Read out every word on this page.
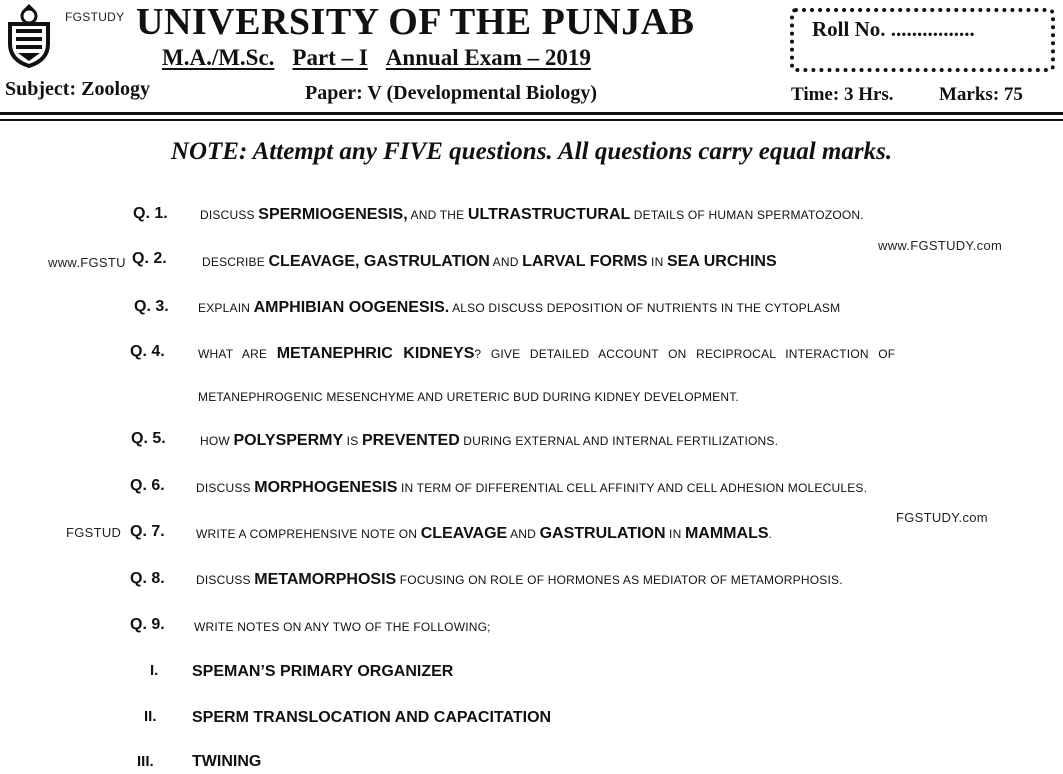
FGSTUDY UNIVERSITY OF THE PUNJAB
M.A./M.Sc. Part – I Annual Exam – 2019
Roll No. ................
Subject: Zoology	Paper: V (Developmental Biology)	Time: 3 Hrs. Marks: 75
NOTE: Attempt any FIVE questions. All questions carry equal marks.
www.FGSTU
www.FGSTUDY.com
FGSTUD
FGSTUDY.com
Q. 1.	DISCUSS SPERMIOGENESIS, AND THE ULTRASTRUCTURAL DETAILS OF HUMAN SPERMATOZOON.
Q. 2.	DESCRIBE CLEAVAGE, GASTRULATION AND LARVAL FORMS IN SEA URCHINS
Q. 3. EXPLAIN AMPHIBIAN OOGENESIS. ALSO DISCUSS DEPOSITION OF NUTRIENTS IN THE CYTOPLASM
Q. 4.	WHAT ARE METANEPHRIC KIDNEYS? GIVE DETAILED ACCOUNT ON RECIPROCAL INTERACTION OF
METANEPHROGENIC MESENCHYME AND URETERIC BUD DURING KIDNEY DEVELOPMENT.
Q. 5.	HOW POLYSPERMY IS PREVENTED DURING EXTERNAL AND INTERNAL FERTILIZATIONS.
Q. 6.	DISCUSS MORPHOGENESIS IN TERM OF DIFFERENTIAL CELL AFFINITY AND CELL ADHESION MOLECULES.
Q. 7.	WRITE A COMPREHENSIVE NOTE ON CLEAVAGE AND GASTRULATION IN MAMMALS.
Q. 8.	DISCUSS METAMORPHOSIS FOCUSING ON ROLE OF HORMONES AS MEDIATOR OF METAMORPHOSIS.
Q. 9. WRITE NOTES ON ANY TWO OF THE FOLLOWING;
I. SPEMAN’S PRIMARY ORGANIZER
II. SPERM TRANSLOCATION AND CAPACITATION
III. TWINING
